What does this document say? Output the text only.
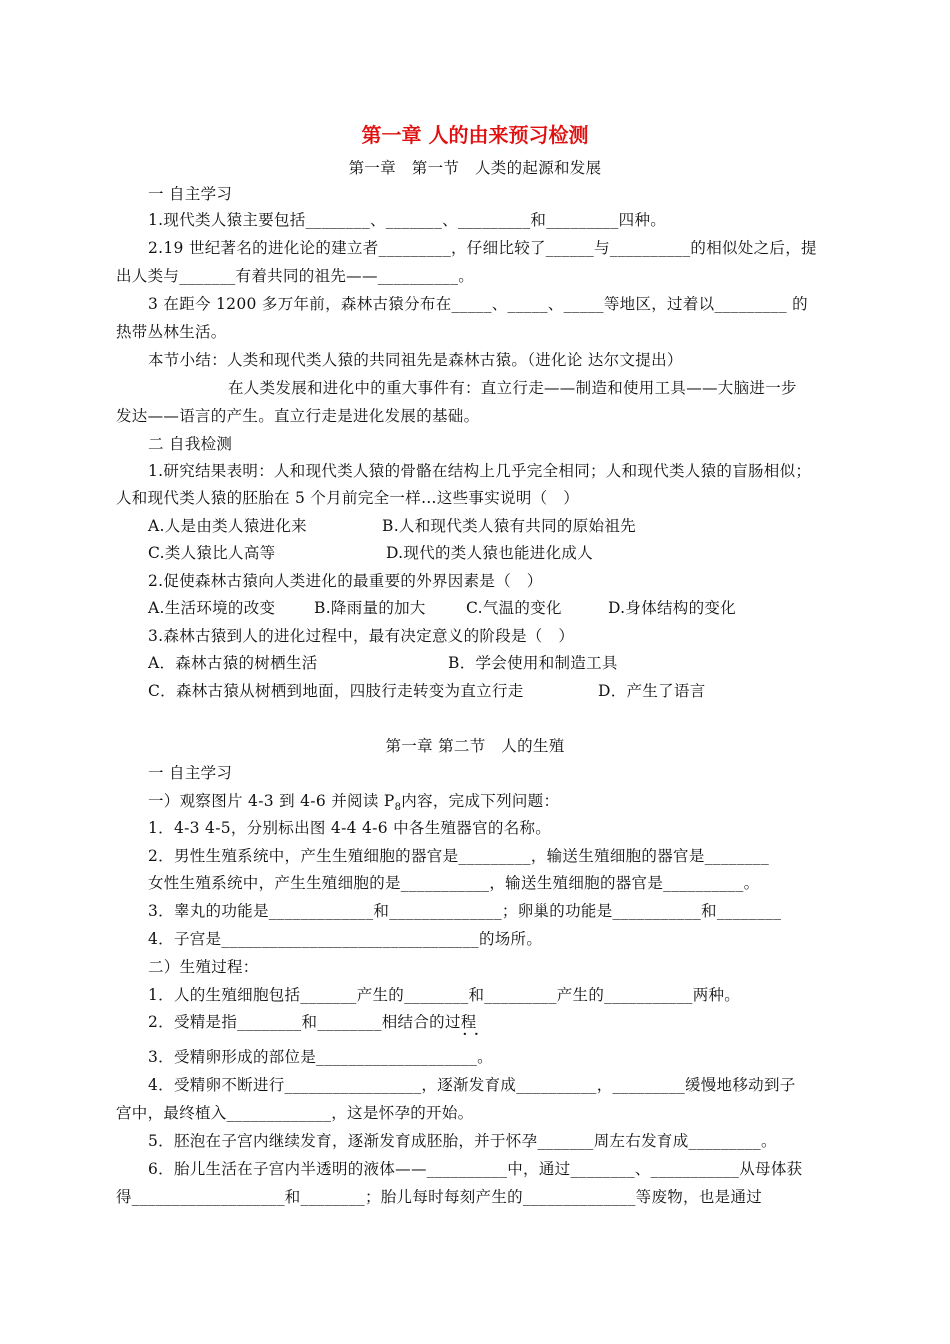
第一章 人的由来预习检测
第一章　第一节　人类的起源和发展
一 自主学习
1.现代类人猿主要包括________、_______、_________和_________四种。
2.19 世纪著名的进化论的建立者_________，仔细比较了______与__________的相似处之后，提
出人类与_______有着共同的祖先——__________。
3 在距今 1200 多万年前，森林古猿分布在_____、_____、_____等地区，过着以_________ 的
热带丛林生活。
本节小结：人类和现代类人猿的共同祖先是森林古猿。（进化论 达尔文提出）
在人类发展和进化中的重大事件有：直立行走——制造和使用工具——大脑进一步
发达——语言的产生。直立行走是进化发展的基础。
二 自我检测
1.研究结果表明：人和现代类人猿的骨骼在结构上几乎完全相同；人和现代类人猿的盲肠相似；
人和现代类人猿的胚胎在 5 个月前完全一样…这些事实说明（　）
A.人是由类人猿进化来	B.人和现代类人猿有共同的原始祖先
C.类人猿比人高等	D.现代的类人猿也能进化成人
2.促使森林古猿向人类进化的最重要的外界因素是（　）
A.生活环境的改变 B.降雨量的加大	C.气温的变化	D.身体结构的变化
3.森林古猿到人的进化过程中，最有决定意义的阶段是（　）
A．森林古猿的树栖生活	B．学会使用和制造工具
C．森林古猿从树栖到地面，四肢行走转变为直立行走	D．产生了语言
第一章 第二节　人的生殖
一 自主学习
一）观察图片 4-3 到 4-6 并阅读 $P_8$内容，完成下列问题：
1．4-3 4-5，分别标出图 4-4 4-6 中各生殖器官的名称。
2．男性生殖系统中，产生生殖细胞的器官是_________，输送生殖细胞的器官是________
女性生殖系统中，产生生殖细胞的是___________，输送生殖细胞的器官是__________。
3．睾丸的功能是_____________和______________；卵巢的功能是___________和________
4．子宫是________________________________的场所。
二）生殖过程：
1．人的生殖细胞包括_______产生的________和_________产生的___________两种。
2．受精是指________和________相结合的过程
· ·
3．受精卵形成的部位是____________________。
4．受精卵不断进行_________________，逐渐发育成__________，_________缓慢地移动到子
宫中，最终植入_____________，这是怀孕的开始。
5．胚泡在子宫内继续发育，逐渐发育成胚胎，并于怀孕_______周左右发育成_________。
6．胎儿生活在子宫内半透明的液体——__________中，通过________、___________从母体获
得___________________和________；胎儿每时每刻产生的______________等废物，也是通过
